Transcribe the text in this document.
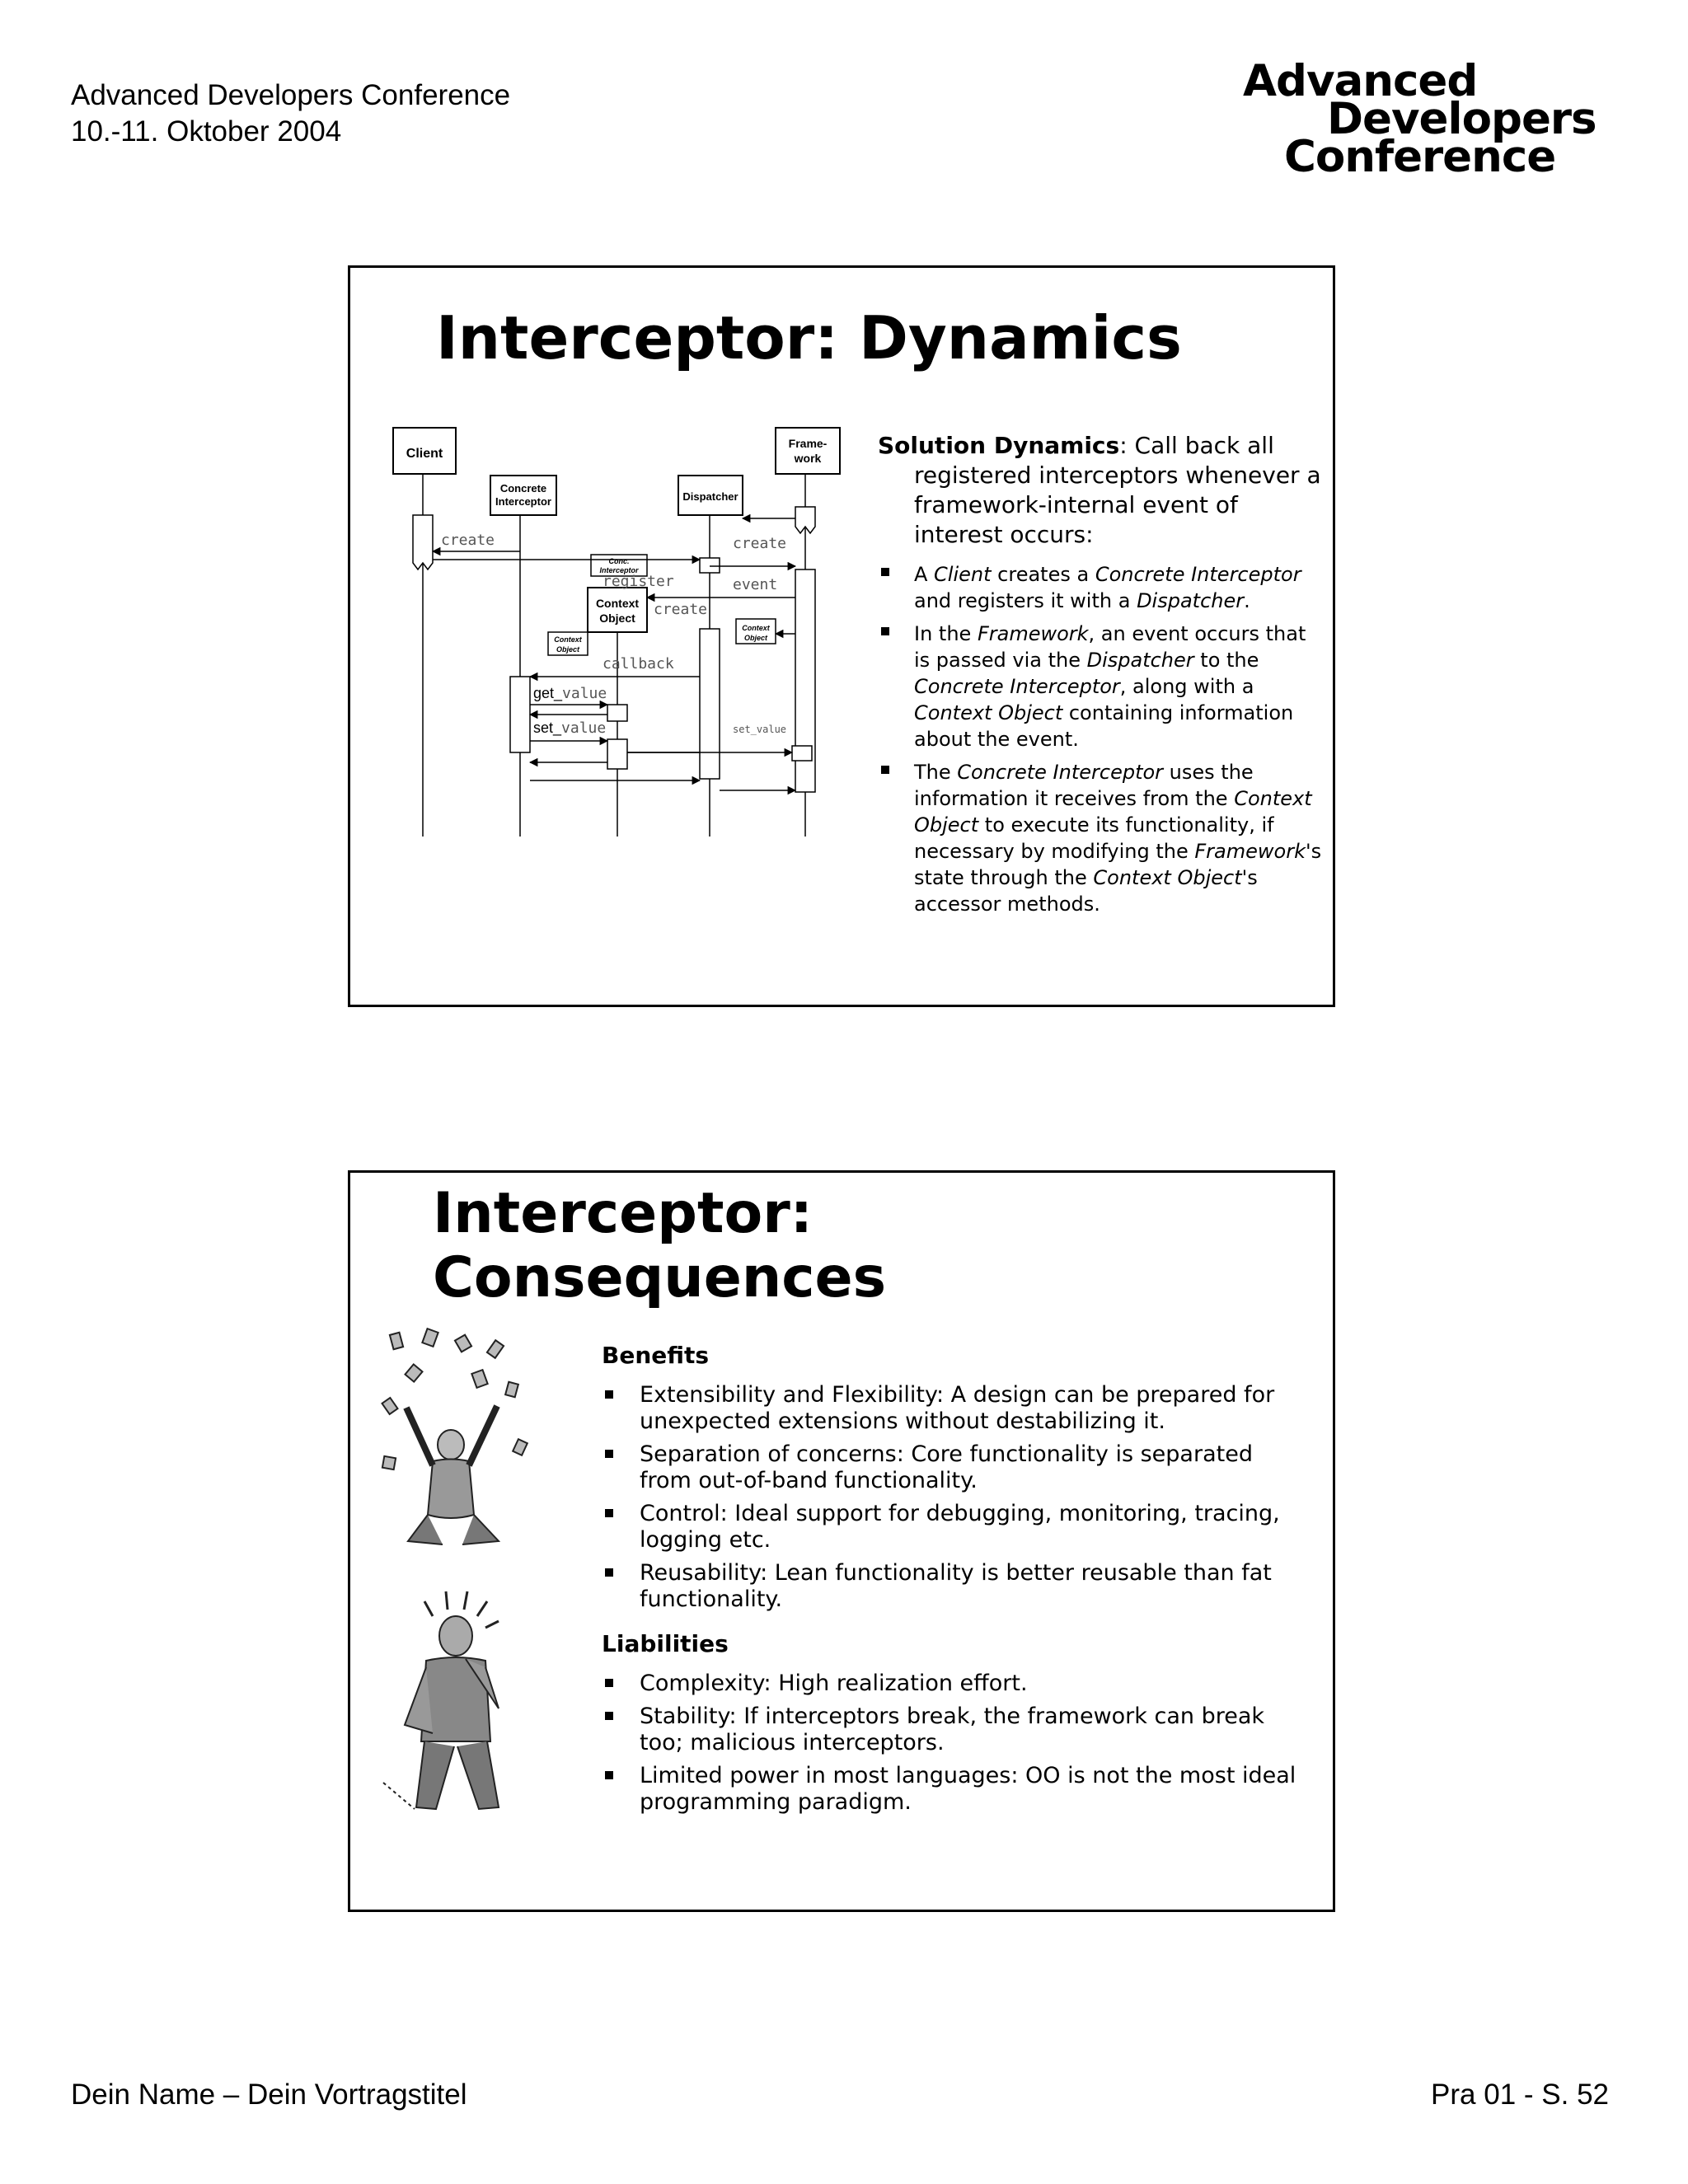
Advanced Developers Conference
10.-11. Oktober 2004
Advanced
Developers
Conference
Interceptor: Dynamics
Client
Frame-
work
Concrete
Interceptor	Dispatcher
Conc.
Interceptor
Context
Object
Context
Object
Context
Object
create	create
register	event
create
callback
set_value
get_value
set_value
Solution Dynamics: Call back all registered interceptors whenever a framework-internal event of interest occurs:
A Client creates a Concrete Interceptor and registers it with a Dispatcher.
In the Framework, an event occurs that is passed via the Dispatcher to the Concrete Interceptor, along with a Context Object containing information about the event.
The Concrete Interceptor uses the information it receives from the Context Object to execute its functionality, if necessary by modifying the Framework's state through the Context Object's accessor methods.
Interceptor:
Consequences
Benefits
Extensibility and Flexibility: A design can be prepared for unexpected extensions without destabilizing it.
Separation of concerns: Core functionality is separated from out-of-band functionality.
Control: Ideal support for debugging, monitoring, tracing, logging etc.
Reusability: Lean functionality is better reusable than fat functionality.
Liabilities
Complexity: High realization effort.
Stability: If interceptors break, the framework can break too; malicious interceptors.
Limited power in most languages: OO is not the most ideal programming paradigm.
Dein Name – Dein Vortragstitel	Pra 01 - S. 52
